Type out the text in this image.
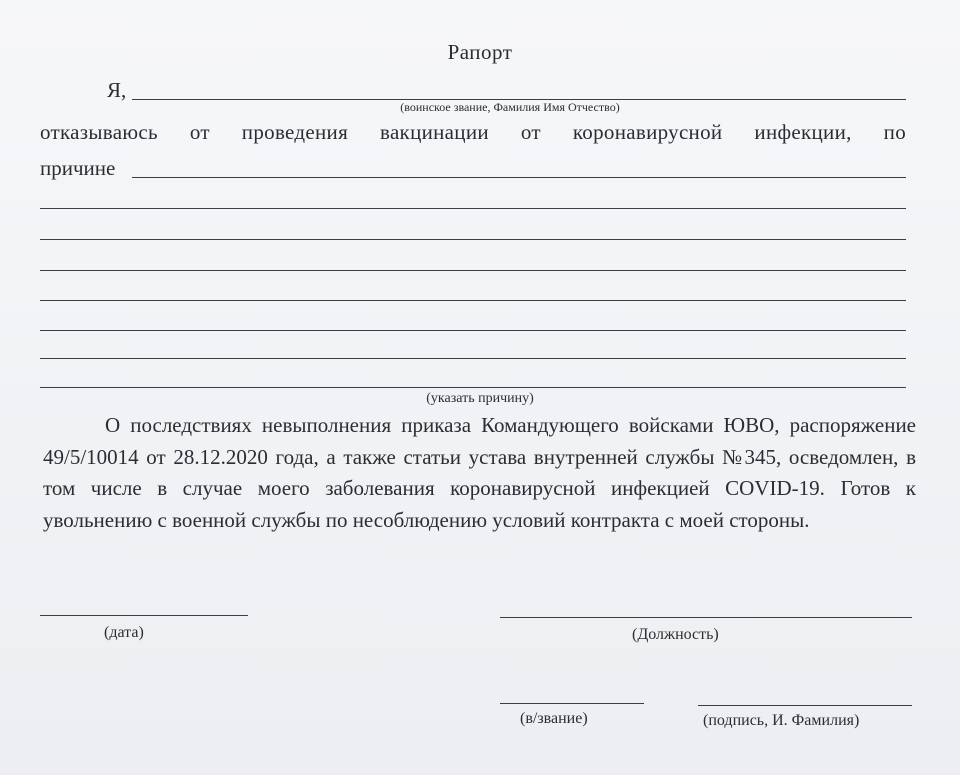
Рапорт
Я,
(воинское звание, Фамилия Имя Отчество)
отказываюсь от проведения вакцинации от коронавирусной инфекции, по
причине
(указать причину)
О последствиях невыполнения приказа Командующего войсками ЮВО, распоряжение 49/5/10014 от 28.12.2020 года, а также статьи устава внутренней службы №345, осведомлен, в том числе в случае моего заболевания коронавирусной инфекцией COVID-19. Готов к увольнению с военной службы по несоблюдению условий контракта с моей стороны.
(дата)	(Должность)
(в/звание)	(подпись, И. Фамилия)
